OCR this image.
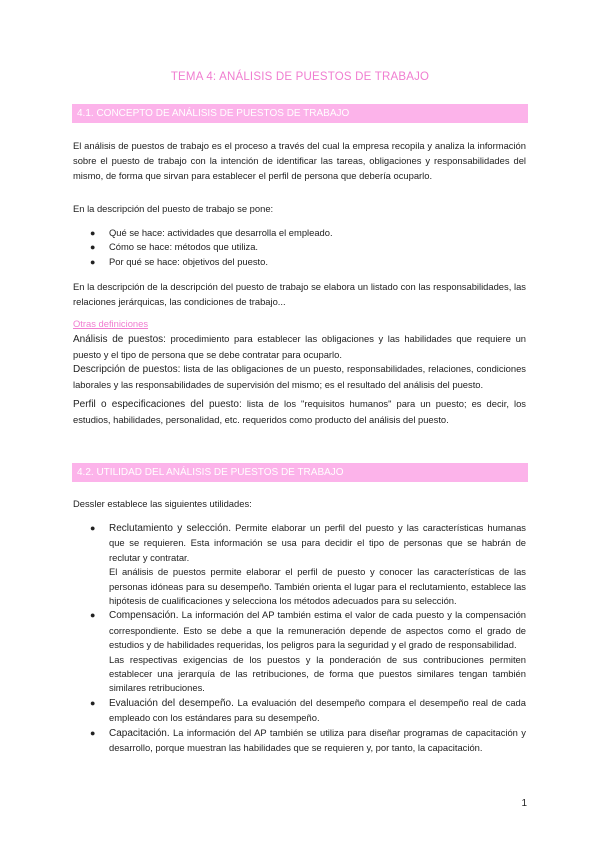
TEMA 4: ANÁLISIS DE PUESTOS DE TRABAJO
4.1. CONCEPTO DE ANÁLISIS DE PUESTOS DE TRABAJO
El análisis de puestos de trabajo es el proceso a través del cual la empresa recopila y analiza la información sobre el puesto de trabajo con la intención de identificar las tareas, obligaciones y responsabilidades del mismo, de forma que sirvan para establecer el perfil de persona que debería ocuparlo.
En la descripción del puesto de trabajo se pone:
● Qué se hace: actividades que desarrolla el empleado.
● Cómo se hace: métodos que utiliza.
● Por qué se hace: objetivos del puesto.
En la descripción de la descripción del puesto de trabajo se elabora un listado con las responsabilidades, las relaciones jerárquicas, las condiciones de trabajo...
Otras definiciones
Análisis de puestos: procedimiento para establecer las obligaciones y las habilidades que requiere un puesto y el tipo de persona que se debe contratar para ocuparlo.
Descripción de puestos: lista de las obligaciones de un puesto, responsabilidades, relaciones, condiciones laborales y las responsabilidades de supervisión del mismo; es el resultado del análisis del puesto.
Perfil o especificaciones del puesto: lista de los "requisitos humanos" para un puesto; es decir, los estudios, habilidades, personalidad, etc. requeridos como producto del análisis del puesto.
4.2. UTILIDAD DEL ANÁLISIS DE PUESTOS DE TRABAJO
Dessler establece las siguientes utilidades:
● Reclutamiento y selección. Permite elaborar un perfil del puesto y las características humanas que se requieren. Esta información se usa para decidir el tipo de personas que se habrán de reclutar y contratar.
El análisis de puestos permite elaborar el perfil de puesto y conocer las características de las personas idóneas para su desempeño. También orienta el lugar para el reclutamiento, establece las hipótesis de cualificaciones y selecciona los métodos adecuados para su selección.
● Compensación. La información del AP también estima el valor de cada puesto y la compensación correspondiente. Esto se debe a que la remuneración depende de aspectos como el grado de estudios y de habilidades requeridas, los peligros para la seguridad y el grado de responsabilidad.
Las respectivas exigencias de los puestos y la ponderación de sus contribuciones permiten establecer una jerarquía de las retribuciones, de forma que puestos similares tengan también similares retribuciones.
● Evaluación del desempeño. La evaluación del desempeño compara el desempeño real de cada empleado con los estándares para su desempeño.
● Capacitación. La información del AP también se utiliza para diseñar programas de capacitación y desarrollo, porque muestran las habilidades que se requieren y, por tanto, la capacitación.
1
